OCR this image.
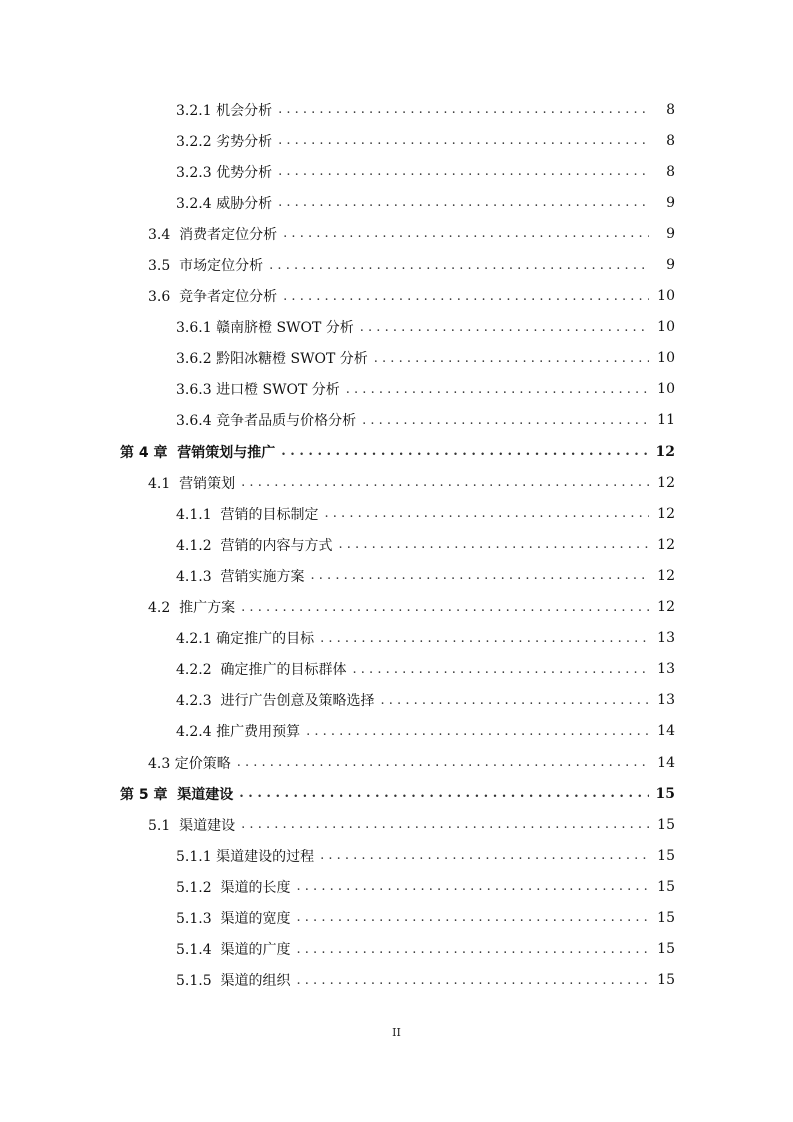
3.2.1 机会分析 . . .	8
3.2.2 劣势分析 . . .	8
3.2.3 优势分析 . . .	8
3.2.4 威胁分析 . . .	9
3.4  消费者定位分析 . . .	9
3.5  市场定位分析 . . .	9
3.6  竞争者定位分析 . . .	10
3.6.1 赣南脐橙 SWOT 分析 . . .	10
3.6.2 黔阳冰糖橙 SWOT 分析 . . .	10
3.6.3 进口橙 SWOT 分析 . . .	10
3.6.4 竞争者品质与价格分析 . . .	11
第 4 章  营销策划与推广 . . .	12
4.1  营销策划 . . .	12
4.1.1  营销的目标制定 . . .	12
4.1.2  营销的内容与方式 . . .	12
4.1.3  营销实施方案 . . .	12
4.2  推广方案 . . .	12
4.2.1 确定推广的目标 . . .	13
4.2.2  确定推广的目标群体 . . .	13
4.2.3  进行广告创意及策略选择 . . .	13
4.2.4 推广费用预算 . . .	14
4.3 定价策略 . . .	14
第 5 章  渠道建设 . . .	15
5.1  渠道建设 . . .	15
5.1.1 渠道建设的过程 . . .	15
5.1.2  渠道的长度 . . .	15
5.1.3  渠道的宽度 . . .	15
5.1.4  渠道的广度 . . .	15
5.1.5  渠道的组织 . . .	15
II
